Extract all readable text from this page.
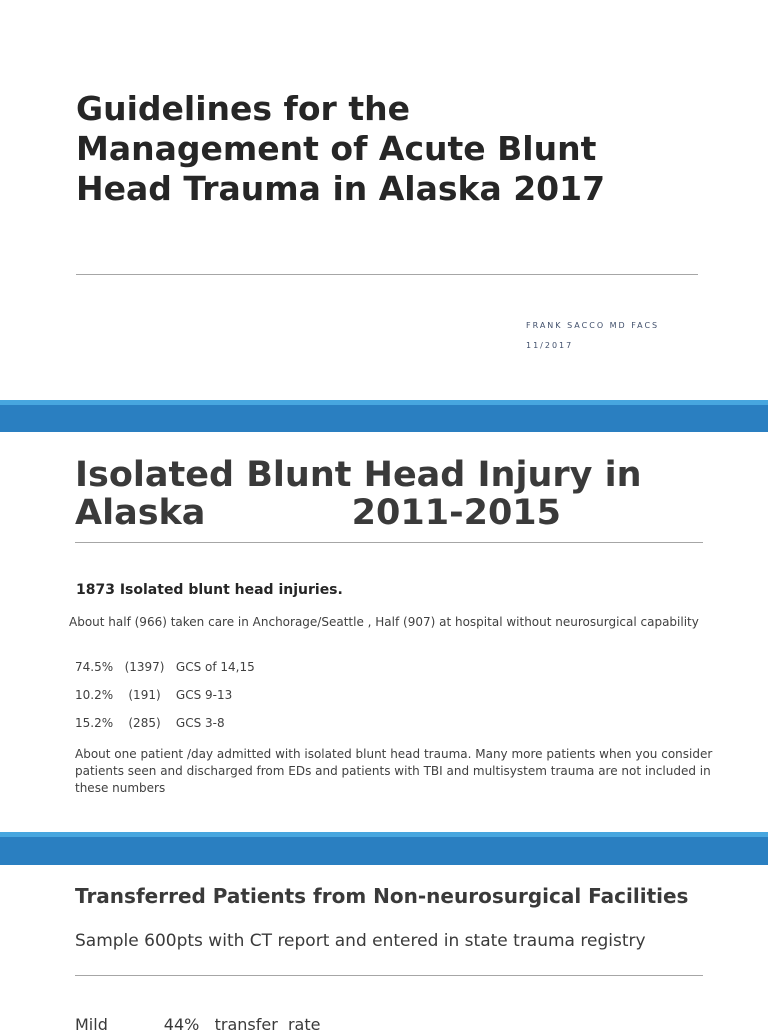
Guidelines for the
Management of Acute Blunt
Head Trauma in Alaska 2017
FRANK SACCO MD FACS
11/2017
Isolated Blunt Head Injury in
Alaska            2011-2015
1873 Isolated blunt head injuries.
About half (966) taken care in Anchorage/Seattle , Half (907) at hospital without neurosurgical capability
74.5%   (1397)   GCS of 14,15
10.2%    (191)    GCS 9-13
15.2%    (285)    GCS 3-8
About one patient /day admitted with isolated blunt head trauma. Many more patients when you consider patients seen and discharged from EDs and patients with TBI and multisystem trauma are not included in these numbers
Transferred Patients from Non-neurosurgical Facilities
Sample 600pts with CT report and entered in state trauma registry
Mild           44%   transfer  rate
